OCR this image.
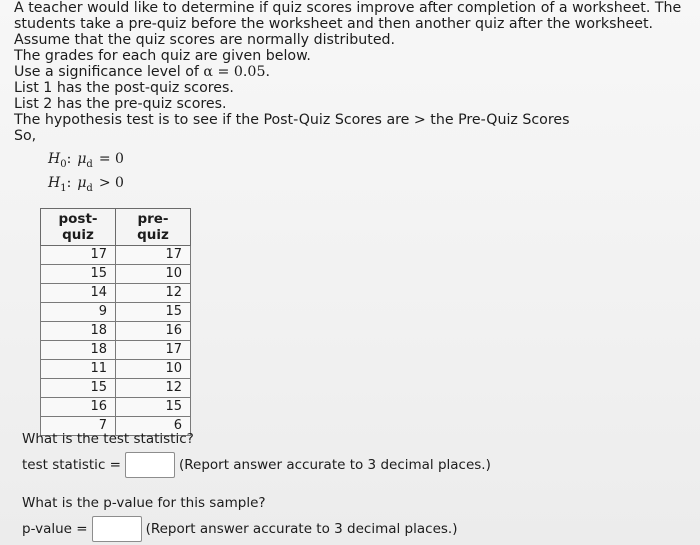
A teacher would like to determine if quiz scores improve after completion of a worksheet. The students take a pre-quiz before the worksheet and then another quiz after the worksheet. Assume that the quiz scores are normally distributed.
The grades for each quiz are given below.
Use a significance level of α = 0.05.
List 1 has the post-quiz scores.
List 2 has the pre-quiz scores.
The hypothesis test is to see if the Post-Quiz Scores are > the Pre-Quiz Scores
So,
$H_0$: $\mu_d = 0$
$H_1$: $\mu_d > 0$
post-quiz	pre-quiz
17	17
15	10
14	12
9	15
18	16
18	17
11	10
15	12
16	15
7	6
What is the test statistic?
test statistic =	(Report answer accurate to 3 decimal places.)
What is the p-value for this sample?
p-value =	(Report answer accurate to 3 decimal places.)
